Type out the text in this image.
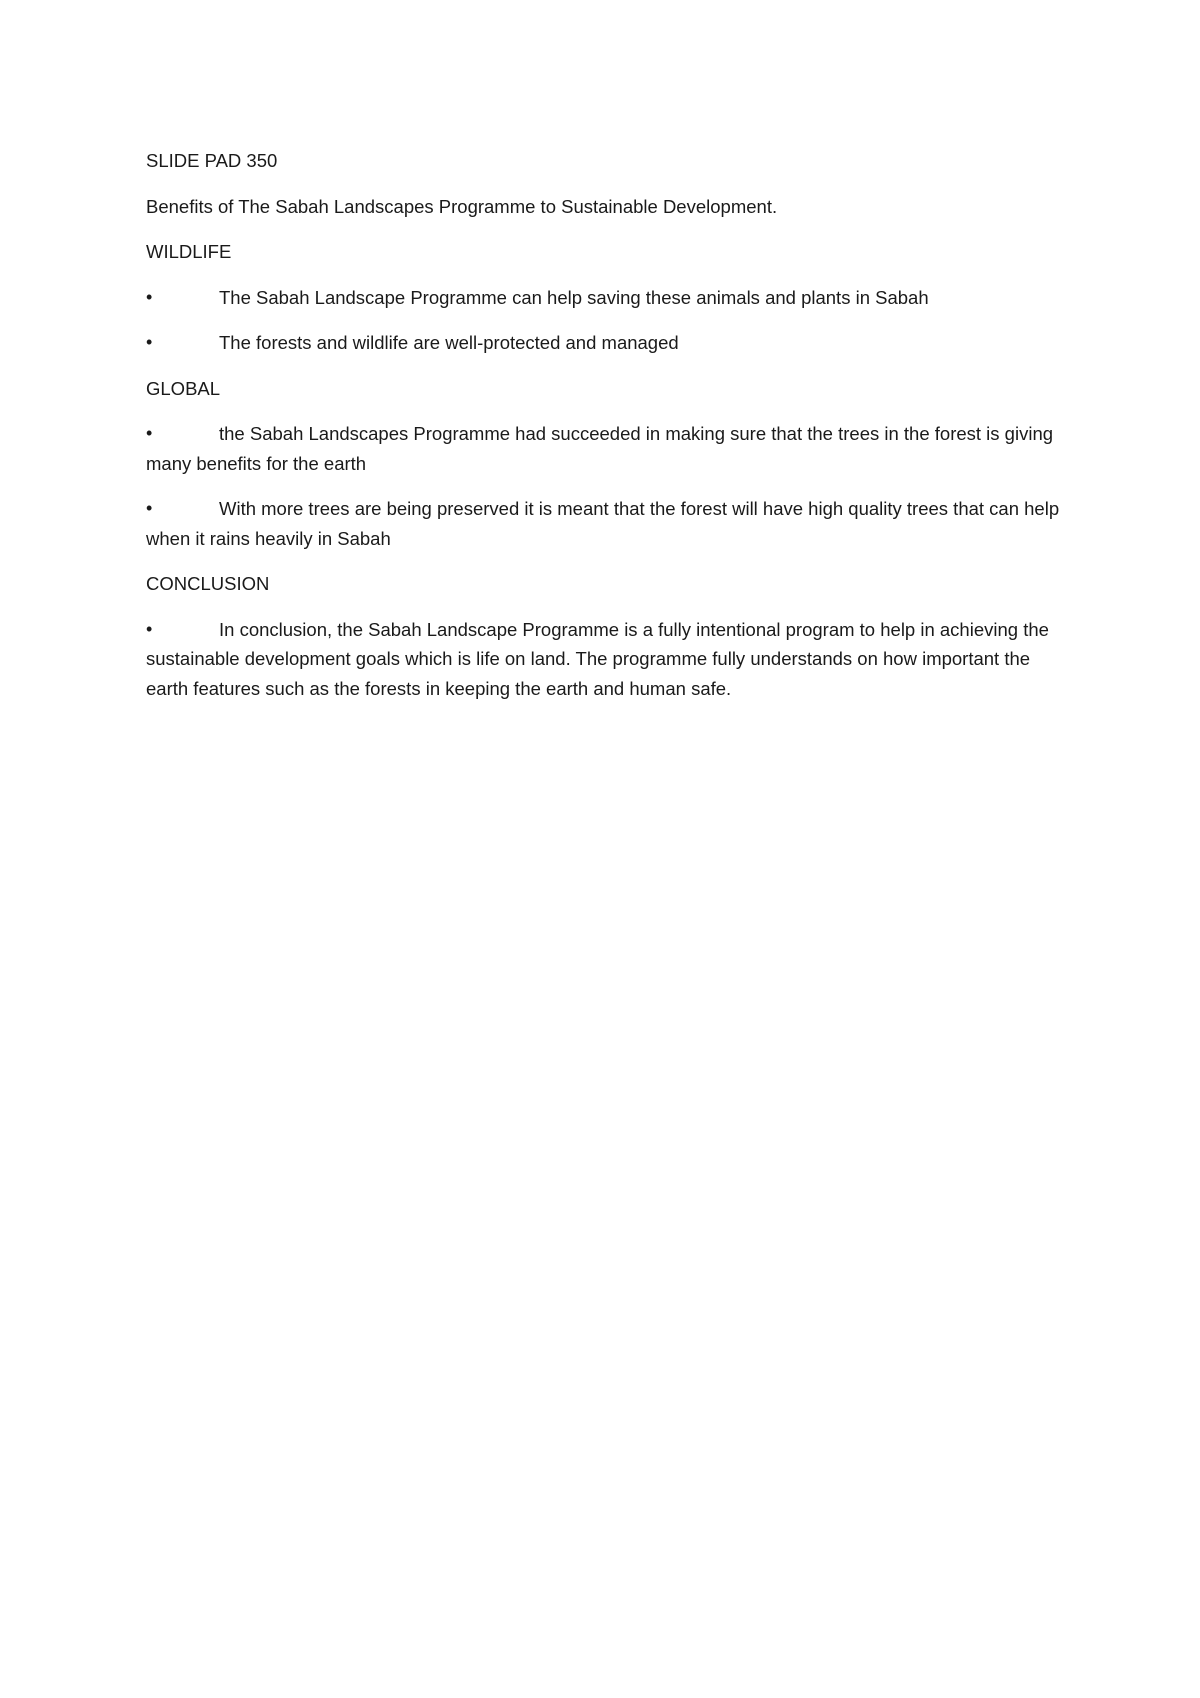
SLIDE PAD 350

Benefits of The Sabah Landscapes Programme to Sustainable Development.

WILDLIFE

•	The Sabah Landscape Programme can help saving these animals and plants in Sabah
•	The forests and wildlife are well-protected and managed

GLOBAL

•	the Sabah Landscapes Programme had succeeded in making sure that the trees in the forest is giving many benefits for the earth
•	With more trees are being preserved it is meant that the forest will have high quality trees that can help when it rains heavily in Sabah

CONCLUSION

•	In conclusion, the Sabah Landscape Programme is a fully intentional program to help in achieving the sustainable development goals which is life on land. The programme fully understands on how important the earth features such as the forests in keeping the earth and human safe.
